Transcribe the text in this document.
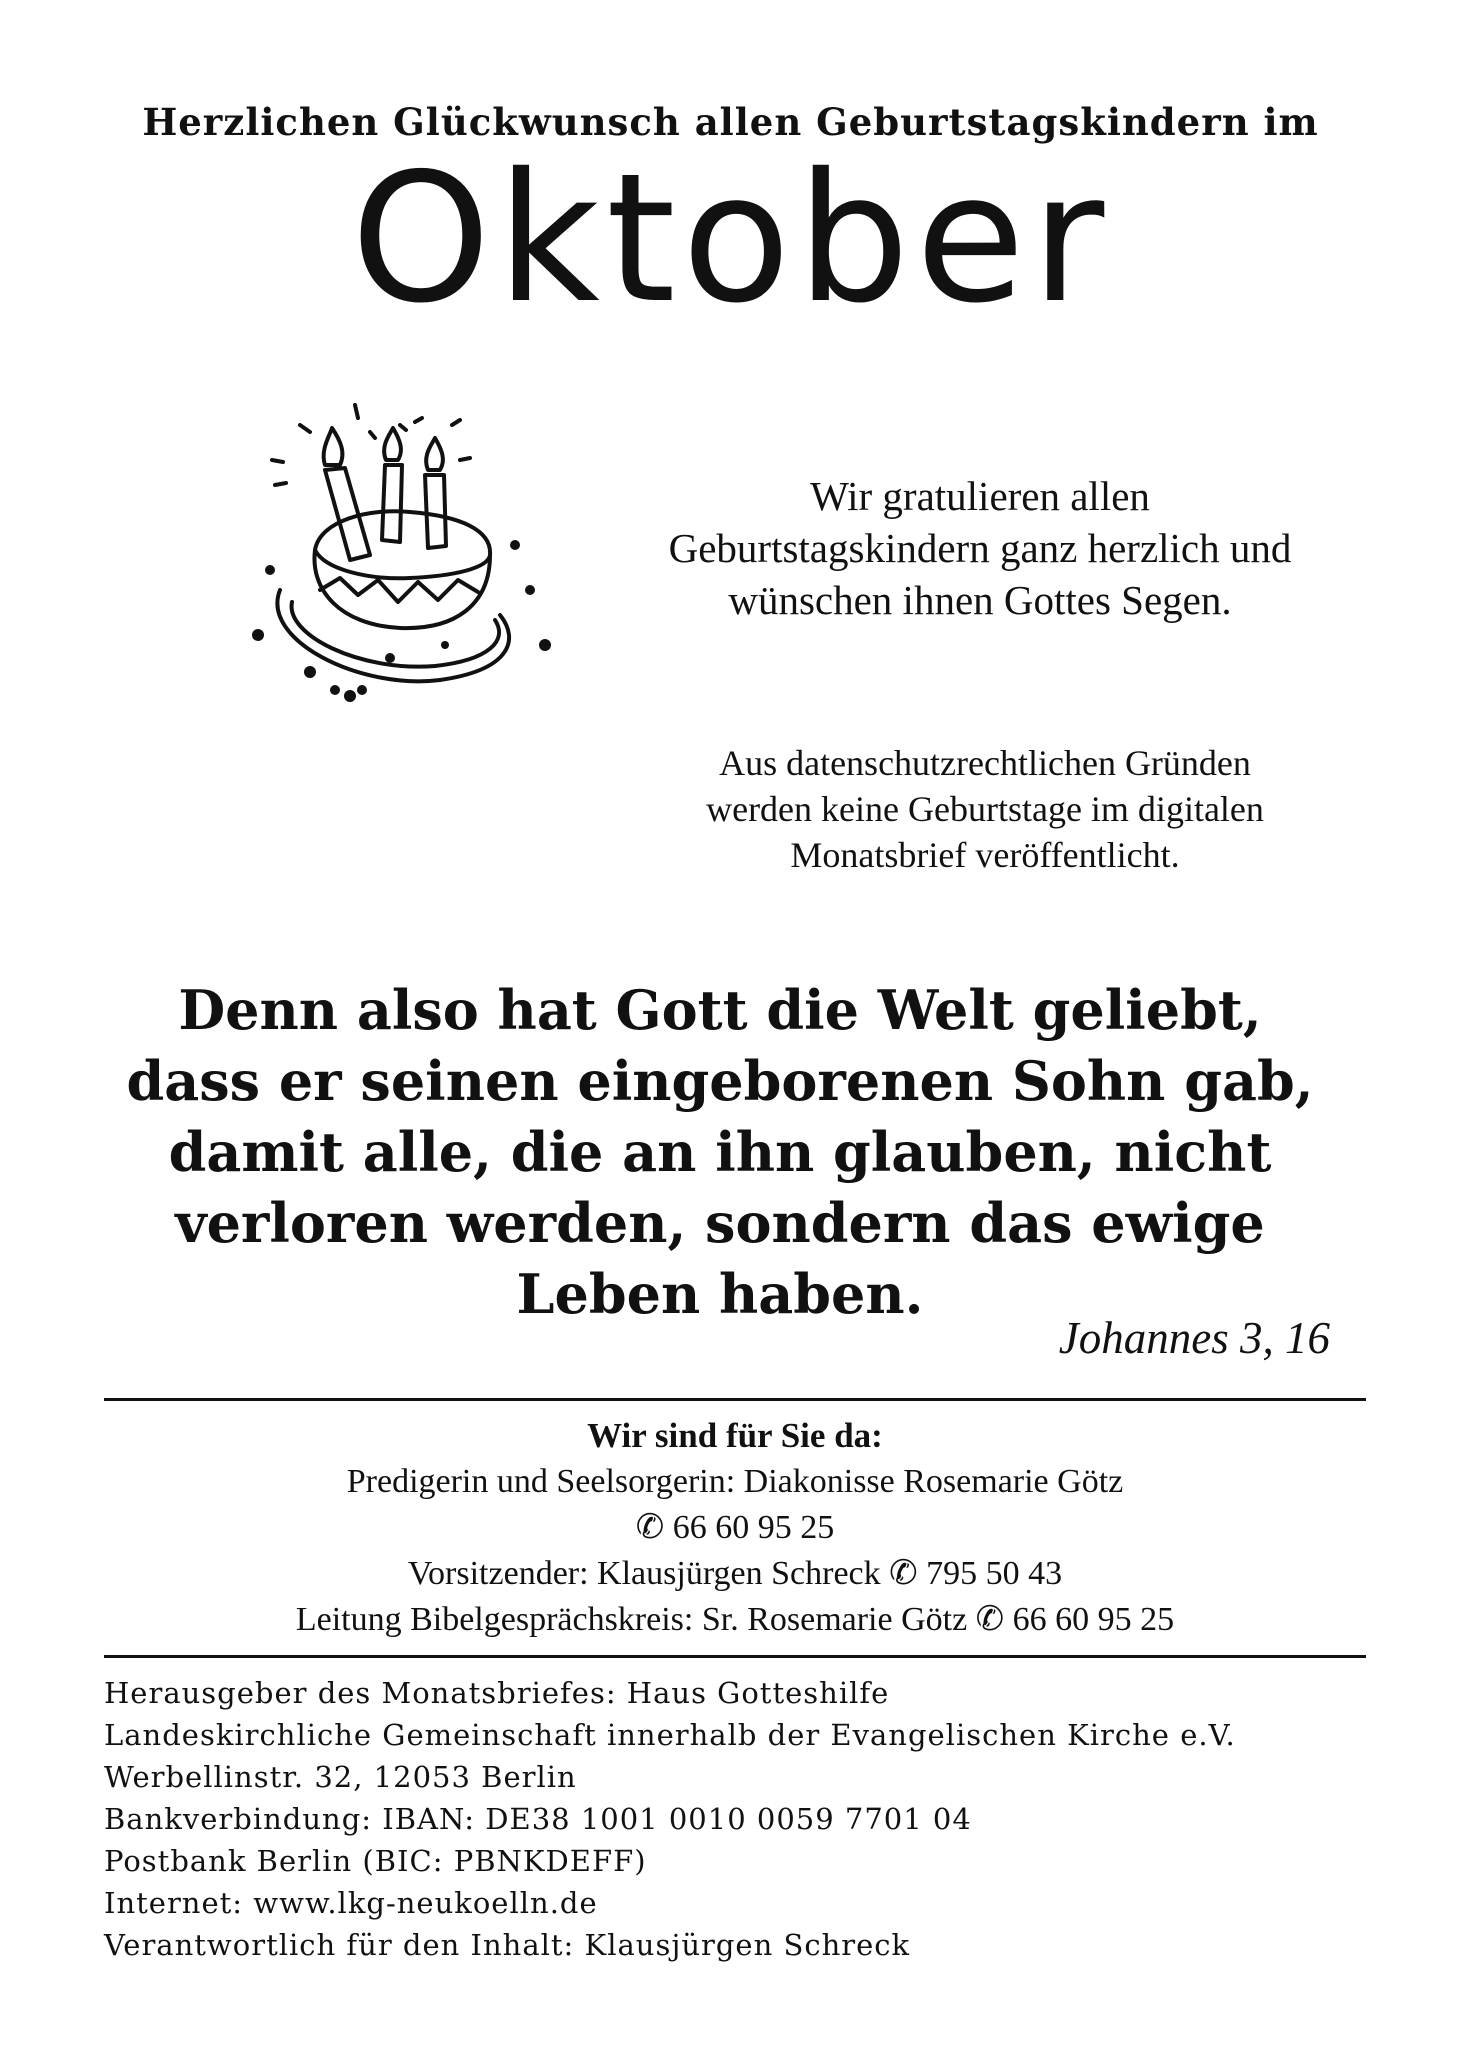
Herzlichen Glückwunsch allen Geburtstagskindern im
Oktober
Wir gratulieren allen
Geburtstagskindern ganz herzlich und
wünschen ihnen Gottes Segen.
Aus datenschutzrechtlichen Gründen
werden keine Geburtstage im digitalen
Monatsbrief veröffentlicht.
Denn also hat Gott die Welt geliebt,
dass er seinen eingeborenen Sohn gab,
damit alle, die an ihn glauben, nicht
verloren werden, sondern das ewige
Leben haben.
Johannes 3, 16
Wir sind für Sie da:
Predigerin und Seelsorgerin: Diakonisse Rosemarie Götz
✆ 66 60 95 25
Vorsitzender: Klausjürgen Schreck ✆ 795 50 43
Leitung Bibelgesprächskreis: Sr. Rosemarie Götz ✆ 66 60 95 25
Herausgeber des Monatsbriefes: Haus Gotteshilfe
Landeskirchliche Gemeinschaft innerhalb der Evangelischen Kirche e.V.
Werbellinstr. 32, 12053 Berlin
Bankverbindung: IBAN: DE38 1001 0010 0059 7701 04
Postbank Berlin (BIC: PBNKDEFF)
Internet: www.lkg-neukoelln.de
Verantwortlich für den Inhalt: Klausjürgen Schreck
